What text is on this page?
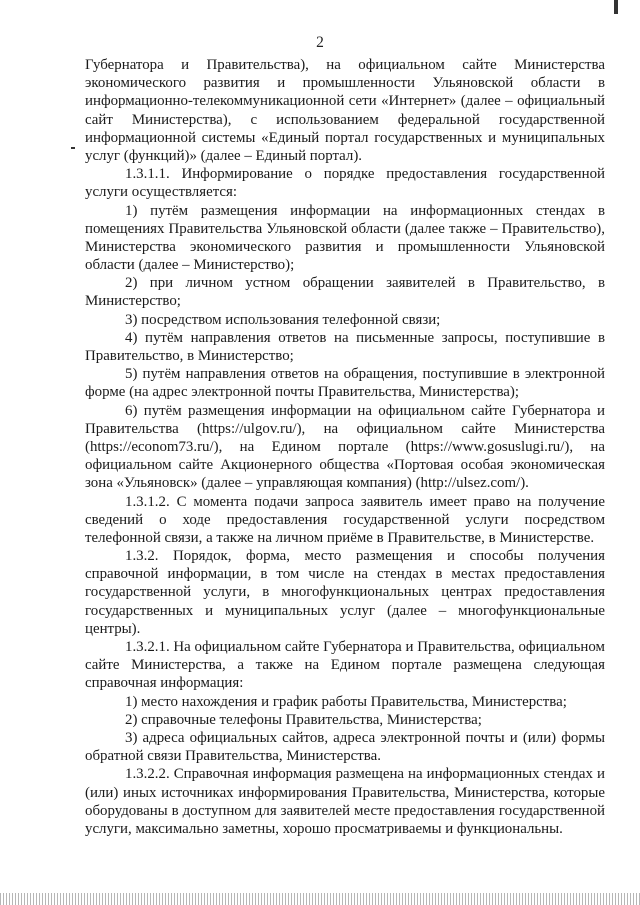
2

Губернатора и Правительства), на официальном сайте Министерства экономического развития и промышленности Ульяновской области в информационно-телекоммуникационной сети «Интернет» (далее – официальный сайт Министерства), с использованием федеральной государственной информационной системы «Единый портал государственных и муниципальных услуг (функций)» (далее – Единый портал).

1.3.1.1. Информирование о порядке предоставления государственной услуги осуществляется:

1) путём размещения информации на информационных стендах в помещениях Правительства Ульяновской области (далее также – Правительство), Министерства экономического развития и промышленности Ульяновской области (далее – Министерство);

2) при личном устном обращении заявителей в Правительство, в Министерство;

3) посредством использования телефонной связи;

4) путём направления ответов на письменные запросы, поступившие в Правительство, в Министерство;

5) путём направления ответов на обращения, поступившие в электронной форме (на адрес электронной почты Правительства, Министерства);

6) путём размещения информации на официальном сайте Губернатора и Правительства (https://ulgov.ru/), на официальном сайте Министерства (https://econom73.ru/), на Едином портале (https://www.gosuslugi.ru/), на официальном сайте Акционерного общества «Портовая особая экономическая зона «Ульяновск» (далее – управляющая компания) (http://ulsez.com/).

1.3.1.2. С момента подачи запроса заявитель имеет право на получение сведений о ходе предоставления государственной услуги посредством телефонной связи, а также на личном приёме в Правительстве, в Министерстве.

1.3.2. Порядок, форма, место размещения и способы получения справочной информации, в том числе на стендах в местах предоставления государственной услуги, в многофункциональных центрах предоставления государственных и муниципальных услуг (далее – многофункциональные центры).

1.3.2.1. На официальном сайте Губернатора и Правительства, официальном сайте Министерства, а также на Едином портале размещена следующая справочная информация:

1) место нахождения и график работы Правительства, Министерства;

2) справочные телефоны Правительства, Министерства;

3) адреса официальных сайтов, адреса электронной почты и (или) формы обратной связи Правительства, Министерства.

1.3.2.2. Справочная информация размещена на информационных стендах и (или) иных источниках информирования Правительства, Министерства, которые оборудованы в доступном для заявителей месте предоставления государственной услуги, максимально заметны, хорошо просматриваемы и функциональны.
